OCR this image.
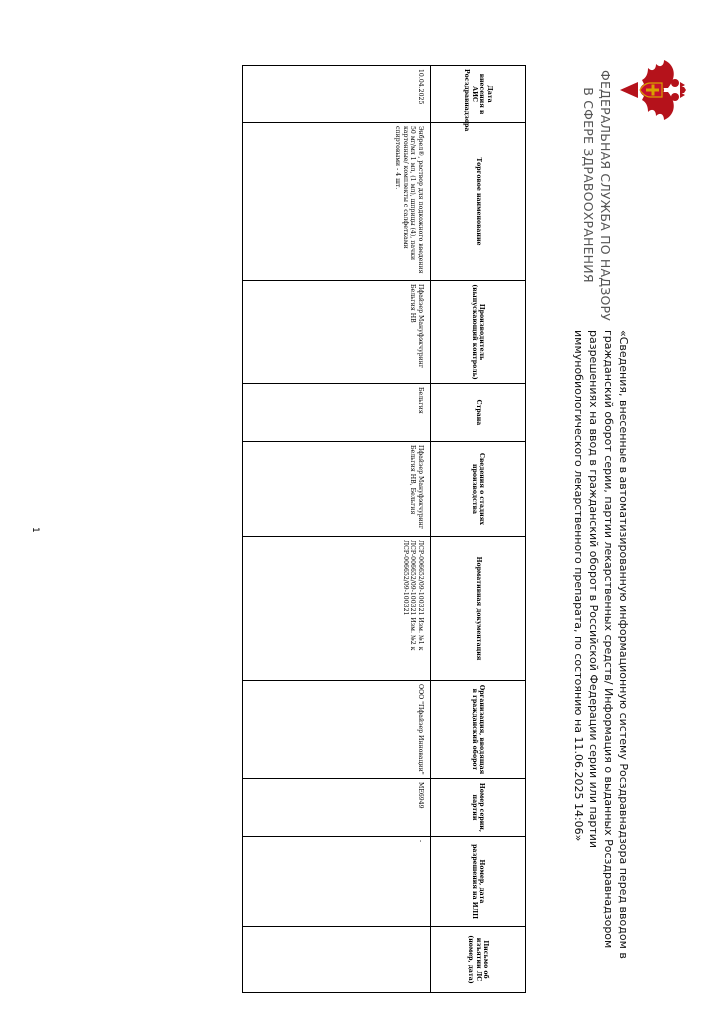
ФЕДЕРАЛЬНАЯ СЛУЖБА ПО НАДЗОРУ
В СФЕРЕ ЗДРАВООХРАНЕНИЯ

«Сведения, внесенные в автоматизированную информационную систему Росздравнадзора перед вводом в гражданский оборот серии, партии лекарственных средств/ Информация о выданных Росздравнадзором разрешениях на ввод в гражданский оборот в Российской Федерации серии или партии иммунобиологического лекарственного препарата, по состоянию на 11.06.2025 14:06»

Дата внесения в АИС Росздравнадзора	Торговое наименование	Производитель (выпускающий контроль)	Страна	Сведения о стадиях производства	Нормативная документация	Организация, вводящая в гражданский оборот	Номер серии, партии	Номер, дата разрешения на ИЛП	Письмо об изъятии ЛС (номер, дата)
10.04.2025	Энбрел®, раствор для подкожного введения 50 мг/мл 1 мл, (1 мл), шприцы (4), пачки картонные/ комплекты с салфетками спиртовыми - 4 шт.	Пфайзер Мануфэкчуринг Бельгия НВ	Бельгия	Пфайзер Мануфэкчуринг Бельгия НВ, Бельгия	ЛСР-006652/09-100321 Изм. №1 к ЛСР-006652/09-100321 Изм. №2 к ЛСР-006652/09-100321	ООО "Пфайзер Инновации"	ME6949	-	
1
